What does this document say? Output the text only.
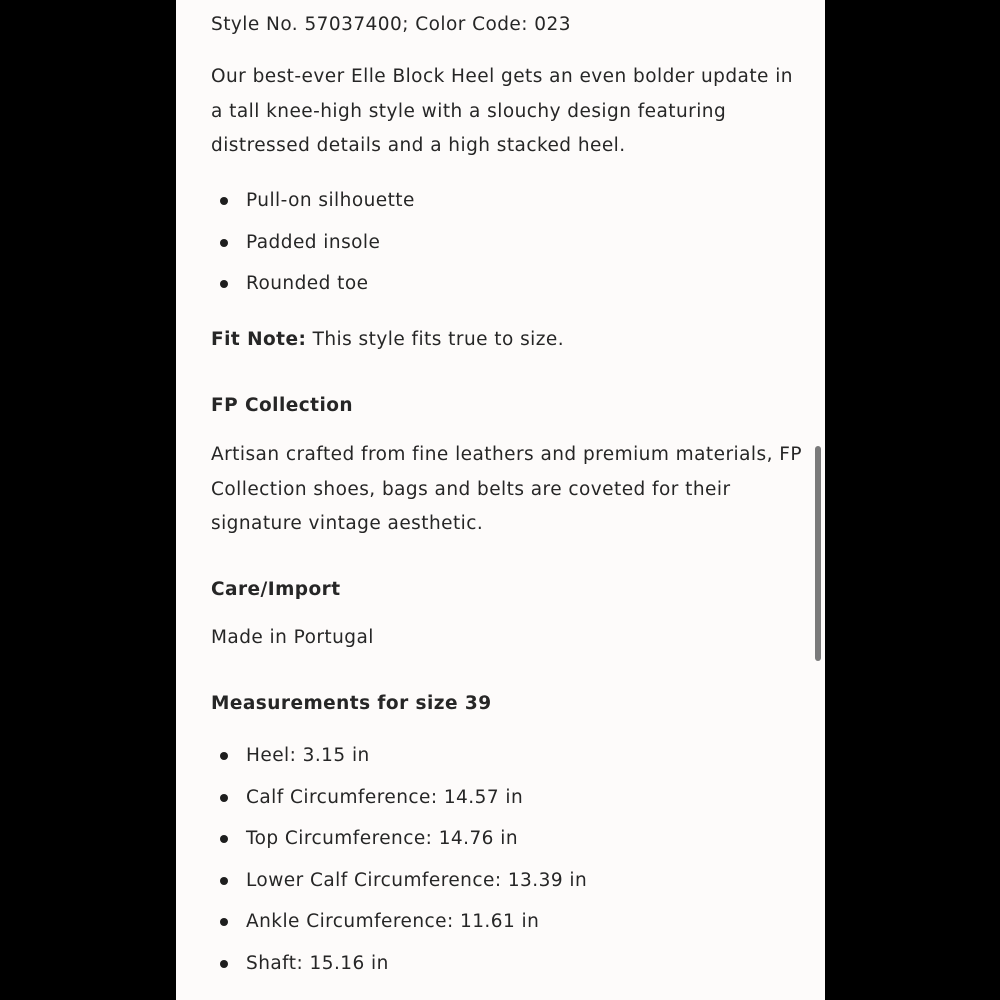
Style No. 57037400; Color Code: 023

Our best-ever Elle Block Heel gets an even bolder update in a tall knee-high style with a slouchy design featuring distressed details and a high stacked heel.

Pull-on silhouette
Padded insole
Rounded toe
Fit Note: This style fits true to size.
FP Collection

Artisan crafted from fine leathers and premium materials, FP Collection shoes, bags and belts are coveted for their signature vintage aesthetic.

Care/Import
Made in Portugal
Measurements for size 39
Heel: 3.15 in
Calf Circumference: 14.57 in
Top Circumference: 14.76 in
Lower Calf Circumference: 13.39 in
Ankle Circumference: 11.61 in
Shaft: 15.16 in
